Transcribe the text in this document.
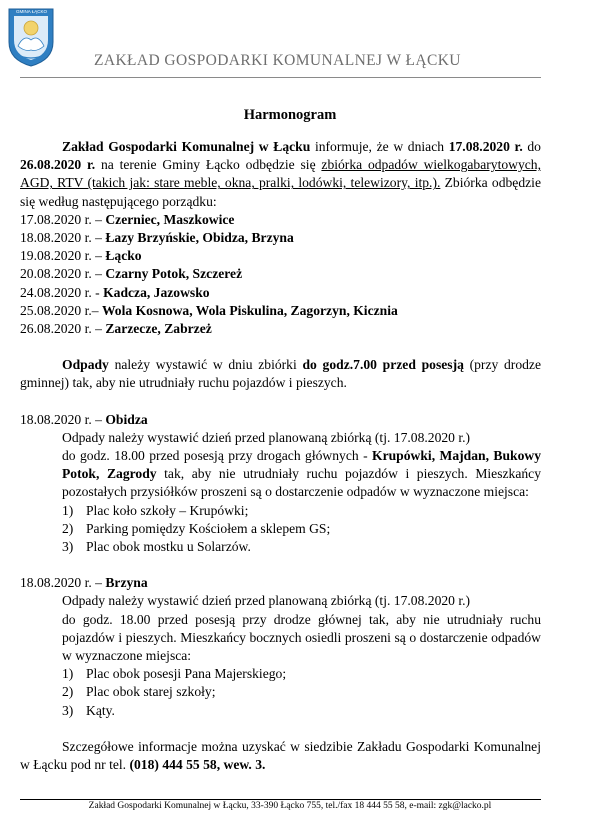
GMINA ŁĄCKO
ZAKŁAD GOSPODARKI KOMUNALNEJ W ŁĄCKU
Harmonogram

Zakład Gospodarki Komunalnej w Łącku informuje, że w dniach 17.08.2020 r. do 26.08.2020 r. na terenie Gminy Łącko odbędzie się zbiórka odpadów wielkogabarytowych, AGD, RTV (takich jak: stare meble, okna, pralki, lodówki, telewizory, itp.). Zbiórka odbędzie się według następującego porządku:

17.08.2020 r. – Czerniec, Maszkowice
18.08.2020 r. – Łazy Brzyńskie, Obidza, Brzyna
19.08.2020 r. – Łącko
20.08.2020 r. – Czarny Potok, Szczereż
24.08.2020 r. - Kadcza, Jazowsko
25.08.2020 r.– Wola Kosnowa, Wola Piskulina, Zagorzyn, Kicznia
26.08.2020 r. – Zarzecze, Zabrzeż

Odpady należy wystawić w dniu zbiórki do godz.7.00 przed posesją (przy drodze gminnej) tak, aby nie utrudniały ruchu pojazdów i pieszych.

18.08.2020 r. – Obidza
Odpady należy wystawić dzień przed planowaną zbiórką (tj. 17.08.2020 r.)

do godz. 18.00 przed posesją przy drogach głównych - Krupówki, Majdan, Bukowy Potok, Zagrody tak, aby nie utrudniały ruchu pojazdów i pieszych. Mieszkańcy pozostałych przysiółków proszeni są o dostarczenie odpadów w wyznaczone miejsca:

1) Plac koło szkoły – Krupówki;
2) Parking pomiędzy Kościołem a sklepem GS;
3) Plac obok mostku u Solarzów.
18.08.2020 r. – Brzyna
Odpady należy wystawić dzień przed planowaną zbiórką (tj. 17.08.2020 r.)

do godz. 18.00 przed posesją przy drodze głównej tak, aby nie utrudniały ruchu pojazdów i pieszych. Mieszkańcy bocznych osiedli proszeni są o dostarczenie odpadów w wyznaczone miejsca:

1) Plac obok posesji Pana Majerskiego;
2) Plac obok starej szkoły;
3) Kąty.

Szczegółowe informacje można uzyskać w siedzibie Zakładu Gospodarki Komunalnej w Łącku pod nr tel. (018) 444 55 58, wew. 3.

Zakład Gospodarki Komunalnej w Łącku, 33-390 Łącko 755, tel./fax 18 444 55 58, e-mail: zgk@lacko.pl
